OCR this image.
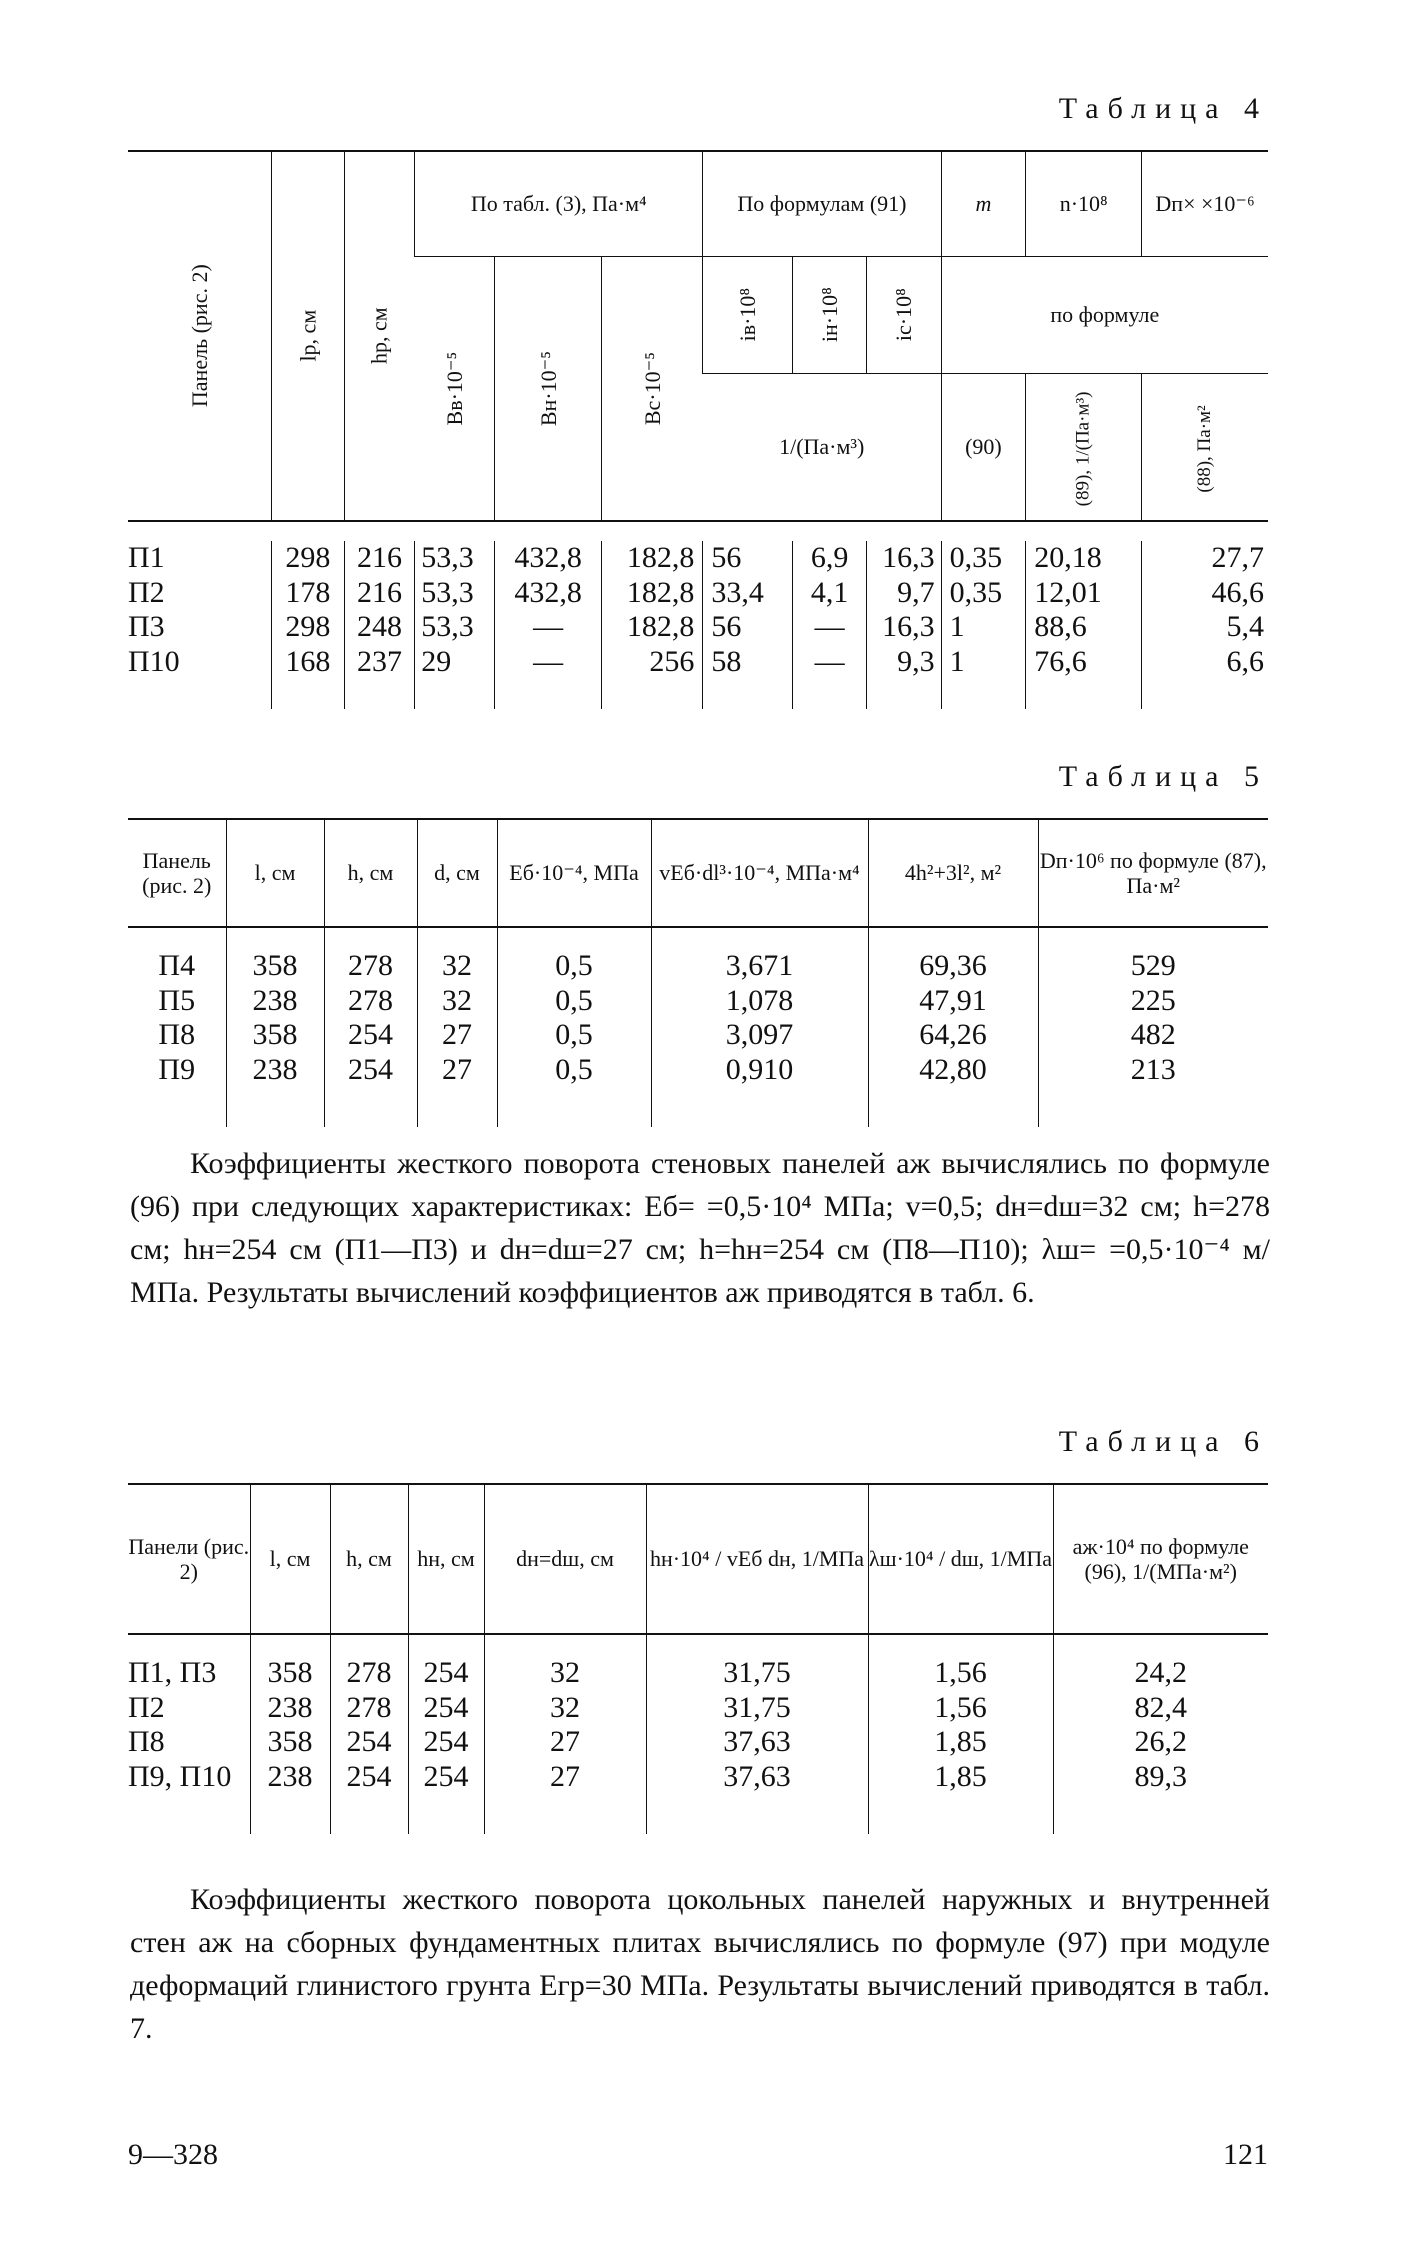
Таблица 4
Панель (рис. 2)	lp, см	hp, см	По табл. (3), Па·м⁴			По формулам (91)			m	n·10⁸	Dп× ×10⁻⁶
			Bв·10⁻⁵	Bн·10⁻⁵	Bс·10⁻⁵	iв·10⁸	iн·10⁸	iс·10⁸	по формуле		
						1/(Па·м³)			(90)	(89), 1/(Па·м³)	(88), Па·м²

П1	298	216	53,3	432,8	182,8	56	6,9	16,3	0,35	20,18	27,7
П2	178	216	53,3	432,8	182,8	33,4	4,1	9,7	0,35	12,01	46,6
П3	298	248	53,3	—	182,8	56	—	16,3	1	88,6	5,4
П10	168	237	29	—	256	58	—	9,3	1	76,6	6,6

Таблица 5
Панель (рис. 2)	l, см	h, см	d, см	Eб·10⁻⁴, МПа	vEб·dl³·10⁻⁴, МПа·м⁴	4h²+3l², м²	Dп·10⁶ по формуле (87), Па·м²

П4	358	278	32	0,5	3,671	69,36	529
П5	238	278	32	0,5	1,078	47,91	225
П8	358	254	27	0,5	3,097	64,26	482
П9	238	254	27	0,5	0,910	42,80	213

Коэффициенты жесткого поворота стеновых панелей aж вычислялись по формуле (96) при следующих характеристиках: Eб= =0,5·10⁴ МПа; v=0,5; dн=dш=32 см; h=278 см; hн=254 см (П1—П3) и dн=dш=27 см; h=hн=254 см (П8—П10); λш= =0,5·10⁻⁴ м/МПа. Результаты вычислений коэффициентов aж приводятся в табл. 6.

Таблица 6
Панели (рис. 2)	l, см	h, см	hн, см	dн=dш, см	hн·10⁴ / vEб dн, 1/МПа	λш·10⁴ / dш, 1/МПа	aж·10⁴ по формуле (96), 1/(МПа·м²)

П1, П3	358	278	254	32	31,75	1,56	24,2
П2	238	278	254	32	31,75	1,56	82,4
П8	358	254	254	27	37,63	1,85	26,2
П9, П10	238	254	254	27	37,63	1,85	89,3

Коэффициенты жесткого поворота цокольных панелей наружных и внутренней стен aж на сборных фундаментных плитах вычислялись по формуле (97) при модуле деформаций глинистого грунта Eгр=30 МПа. Результаты вычислений приводятся в табл. 7.

9—328	121
